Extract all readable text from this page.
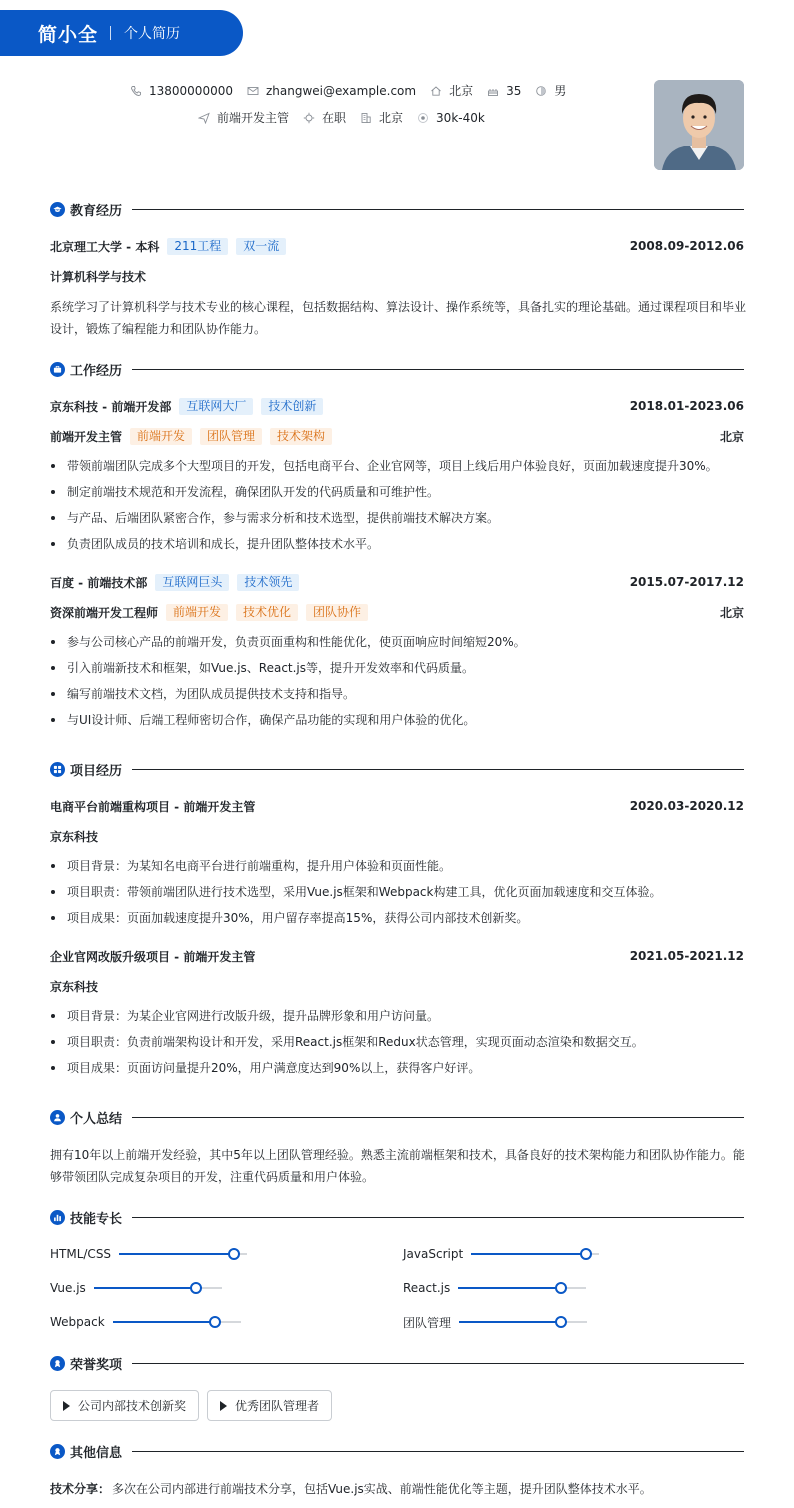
简小全 个人简历
13800000000	zhangwei@example.com	北京	35	男
前端开发主管	在职	北京	30k-40k
教育经历
北京理工大学 - 本科	211工程	双一流	2008.09-2012.06
计算机科学与技术
系统学习了计算机科学与技术专业的核心课程，包括数据结构、算法设计、操作系统等，具备扎实的理论基础。通过课程项目和毕业设计，锻炼了编程能力和团队协作能力。
工作经历
京东科技 - 前端开发部	互联网大厂	技术创新	2018.01-2023.06
前端开发主管	前端开发	团队管理	技术架构	北京
带领前端团队完成多个大型项目的开发，包括电商平台、企业官网等，项目上线后用户体验良好，页面加载速度提升30%。
制定前端技术规范和开发流程，确保团队开发的代码质量和可维护性。
与产品、后端团队紧密合作，参与需求分析和技术选型，提供前端技术解决方案。
负责团队成员的技术培训和成长，提升团队整体技术水平。
百度 - 前端技术部	互联网巨头	技术领先	2015.07-2017.12
资深前端开发工程师	前端开发	技术优化	团队协作	北京
参与公司核心产品的前端开发，负责页面重构和性能优化，使页面响应时间缩短20%。
引入前端新技术和框架，如Vue.js、React.js等，提升开发效率和代码质量。
编写前端技术文档，为团队成员提供技术支持和指导。
与UI设计师、后端工程师密切合作，确保产品功能的实现和用户体验的优化。
项目经历
电商平台前端重构项目 - 前端开发主管	2020.03-2020.12
京东科技
项目背景：为某知名电商平台进行前端重构，提升用户体验和页面性能。
项目职责：带领前端团队进行技术选型，采用Vue.js框架和Webpack构建工具，优化页面加载速度和交互体验。
项目成果：页面加载速度提升30%，用户留存率提高15%，获得公司内部技术创新奖。
企业官网改版升级项目 - 前端开发主管	2021.05-2021.12
京东科技
项目背景：为某企业官网进行改版升级，提升品牌形象和用户访问量。
项目职责：负责前端架构设计和开发，采用React.js框架和Redux状态管理，实现页面动态渲染和数据交互。
项目成果：页面访问量提升20%，用户满意度达到90%以上，获得客户好评。
个人总结
拥有10年以上前端开发经验，其中5年以上团队管理经验。熟悉主流前端框架和技术，具备良好的技术架构能力和团队协作能力。能够带领团队完成复杂项目的开发，注重代码质量和用户体验。
技能专长
HTML/CSS	JavaScript
Vue.js	React.js
Webpack	团队管理
荣誉奖项
公司内部技术创新奖	优秀团队管理者
其他信息
技术分享： 多次在公司内部进行前端技术分享，包括Vue.js实战、前端性能优化等主题，提升团队整体技术水平。
